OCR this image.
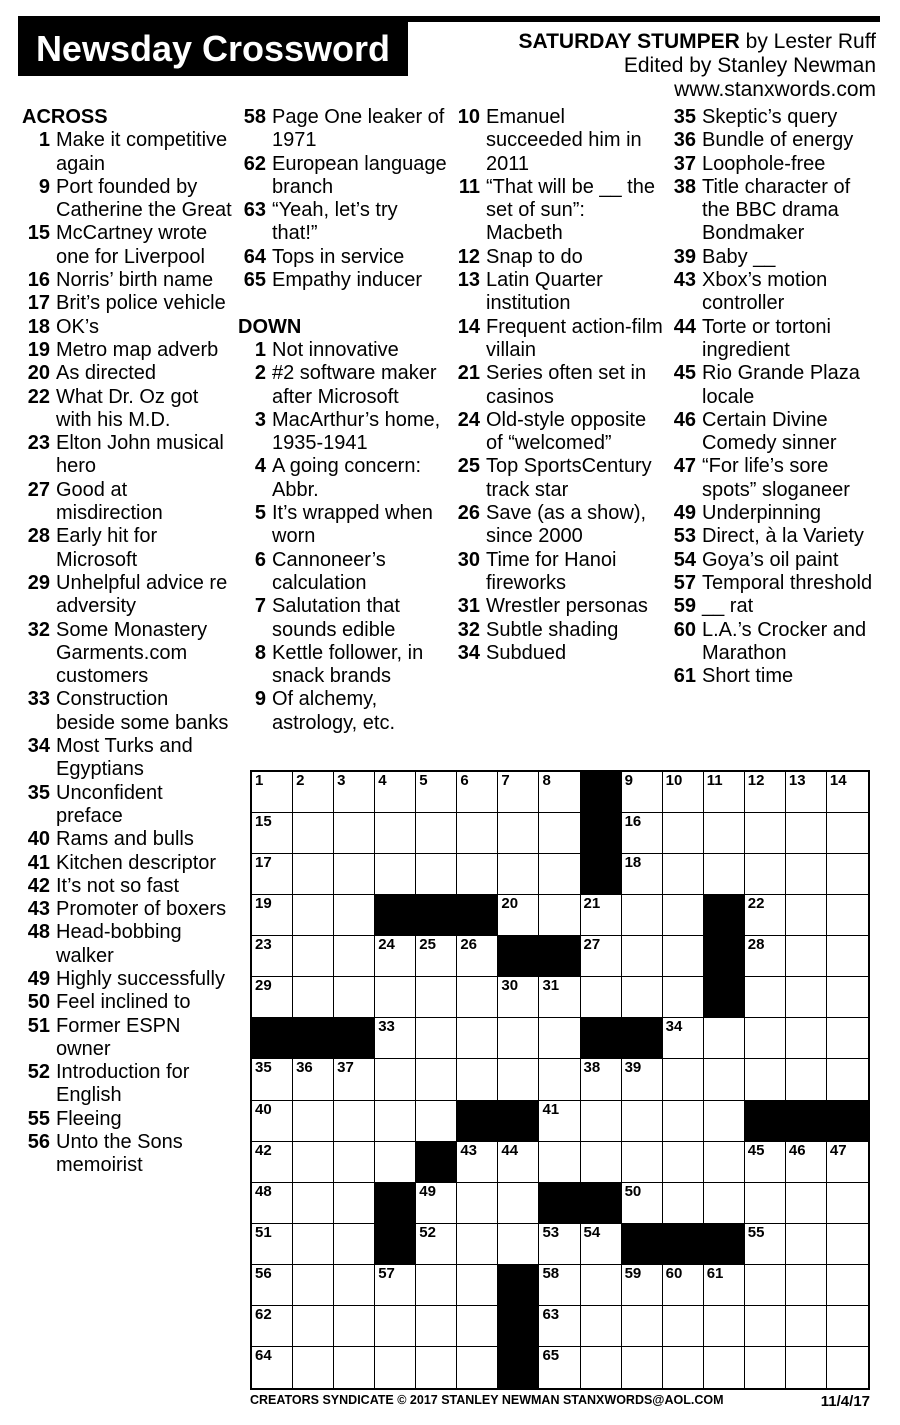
Newsday Crossword	SATURDAY STUMPER by Lester Ruff
Edited by Stanley Newman
www.stanxwords.com
ACROSS
1 Make it competitive again
9 Port founded by Catherine the Great
15 McCartney wrote one for Liverpool
16 Norris’ birth name
17 Brit’s police vehicle
18 OK’s
19 Metro map adverb
20 As directed
22 What Dr. Oz got with his M.D.
23 Elton John musical hero
27 Good at misdirection
28 Early hit for Microsoft
29 Unhelpful advice re adversity
32 Some Monastery Garments.com customers
33 Construction beside some banks
34 Most Turks and Egyptians
35 Unconfident preface
40 Rams and bulls
41 Kitchen descriptor
42 It’s not so fast
43 Promoter of boxers
48 Head-bobbing walker
49 Highly successfully
50 Feel inclined to
51 Former ESPN owner
52 Introduction for English
55 Fleeing
56 Unto the Sons memoirist
58 Page One leaker of 1971
62 European language branch
63 “Yeah, let’s try that!”
64 Tops in service
65 Empathy inducer
DOWN
1 Not innovative
2 #2 software maker after Microsoft
3 MacArthur’s home, 1935-1941
4 A going concern: Abbr.
5 It’s wrapped when worn
6 Cannoneer’s calculation
7 Salutation that sounds edible
8 Kettle follower, in snack brands
9 Of alchemy, astrology, etc.
10 Emanuel succeeded him in 2011
11 “That will be __ the set of sun”: Macbeth
12 Snap to do
13 Latin Quarter institution
14 Frequent action-film villain
21 Series often set in casinos
24 Old-style opposite of “welcomed”
25 Top SportsCentury track star
26 Save (as a show), since 2000
30 Time for Hanoi fireworks
31 Wrestler personas
32 Subtle shading
34 Subdued
35 Skeptic’s query
36 Bundle of energy
37 Loophole-free
38 Title character of the BBC drama Bondmaker
39 Baby __
43 Xbox’s motion controller
44 Torte or tortoni ingredient
45 Rio Grande Plaza locale
46 Certain Divine Comedy sinner
47 “For life’s sore spots” sloganeer
49 Underpinning
53 Direct, à la Variety
54 Goya’s oil paint
57 Temporal threshold
59 __ rat
60 L.A.’s Crocker and Marathon
61 Short time
1 2 3 4 5 6 7 8	9 10 11 12 13 14
15	16
17	18
19	20	21	22
23	24 25 26	27	28
29	30 31	32
33	34
35 36 37	38 39
40	41
42	43 44	45 46 47
48	49	50
51	52	53 54	55
56	57	58	59 60 61
62	63
64	65
CREATORS SYNDICATE © 2017 STANLEY NEWMAN STANXWORDS@AOL.COM	11/4/17
